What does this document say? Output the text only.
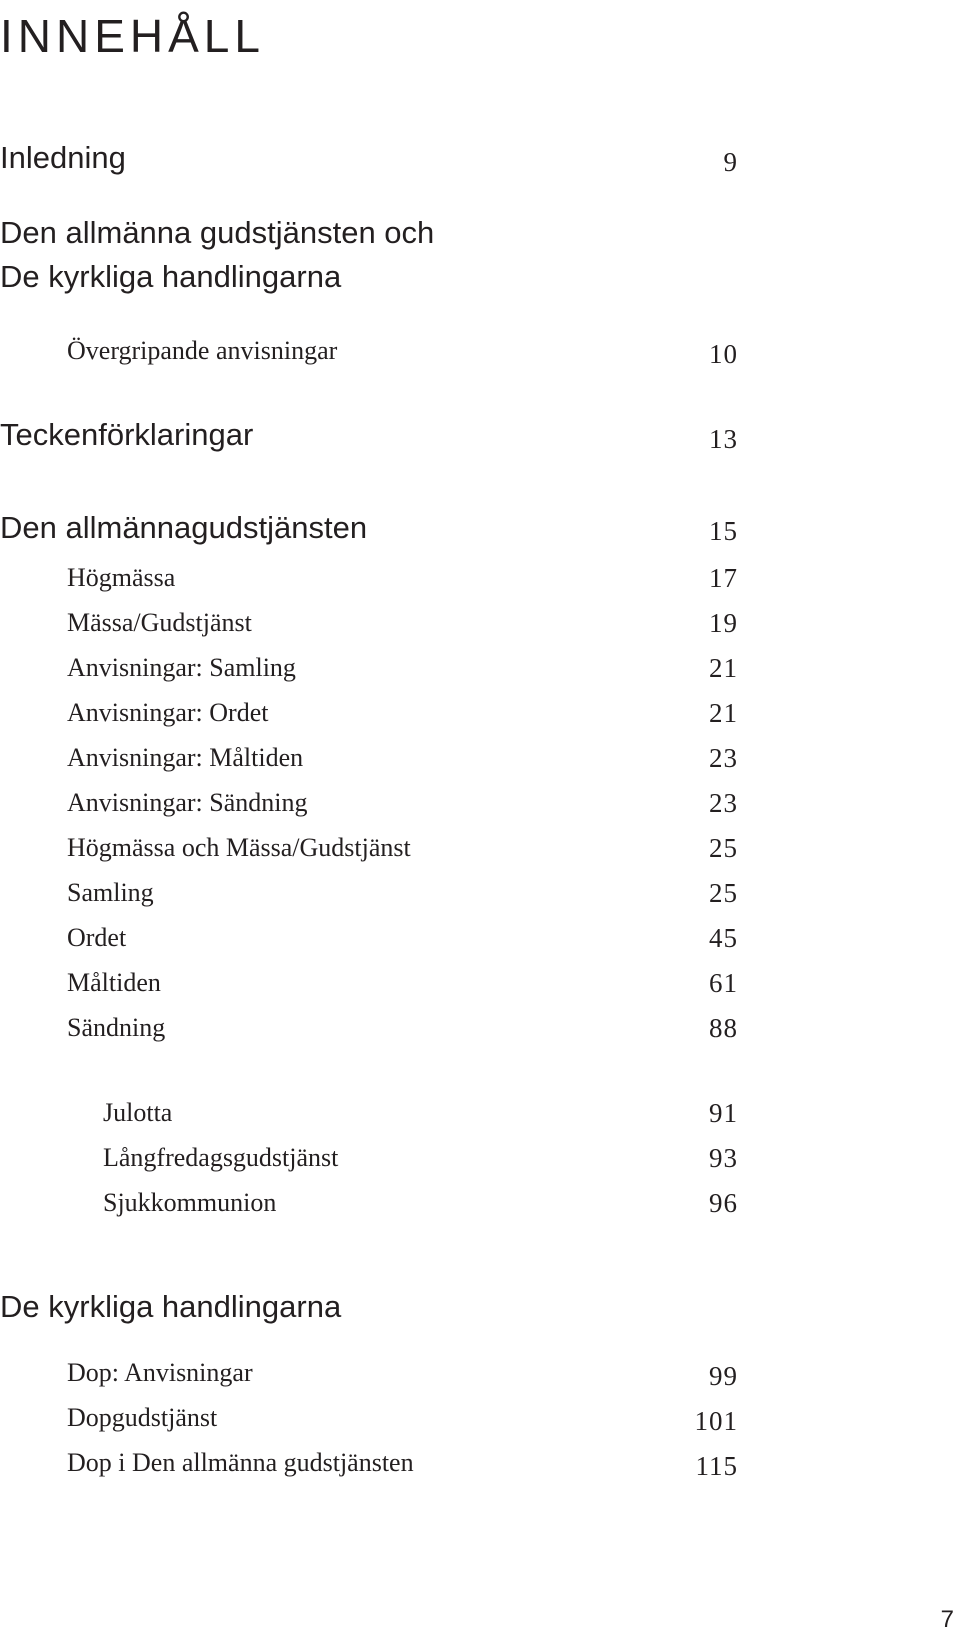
INNEHÅLL
Inledning	9
Den allmänna gudstjänsten och
De kyrkliga handlingarna
Övergripande anvisningar	10
Teckenförklaringar	13
Den allmännagudstjänsten	15
Högmässa	17
Mässa/Gudstjänst	19
Anvisningar: Samling	21
Anvisningar: Ordet	21
Anvisningar: Måltiden	23
Anvisningar: Sändning	23
Högmässa och Mässa/Gudstjänst	25
Samling	25
Ordet	45
Måltiden	61
Sändning	88
Julotta	91
Långfredagsgudstjänst	93
Sjukkommunion	96
De kyrkliga handlingarna
Dop: Anvisningar	99
Dopgudstjänst	101
Dop i Den allmänna gudstjänsten	115
7
